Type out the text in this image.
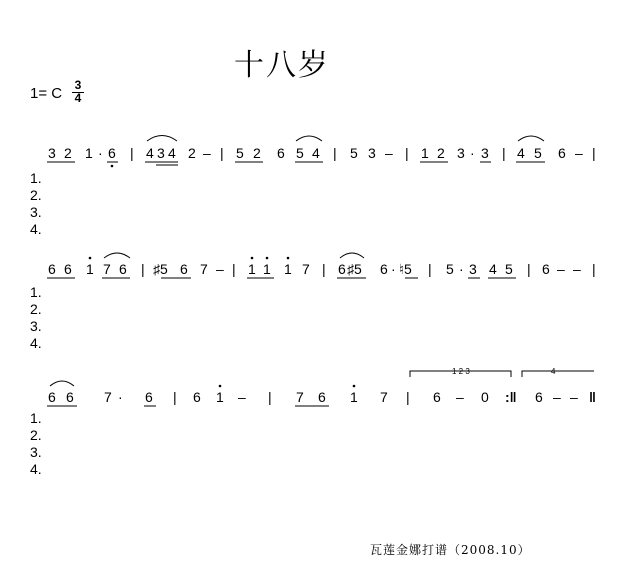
十八岁
1= C $\frac{3}{4}$
3 2 1 · 6 | 4 3 4 2 – | 5 2 6 5 4 | 5 3 – | 1 2 3 · 3 | 4 5 6 – |
6 6 1 7 6 | ♯5 6 7 – | 1 1 1 7 | 6 ♯5 6 · ♮5 | 5 · 3 4 5 | 6 – – |
6 6 7 · 6 | 6 1 – | 7 6 1 7 | 6 – 0 :‖ 6 – – ‖
1 2 3	4
1.
2.
3.
4.
1.
2.
3.
4.
1.
2.
3.
4.
瓦莲金娜打谱（2008.10）
